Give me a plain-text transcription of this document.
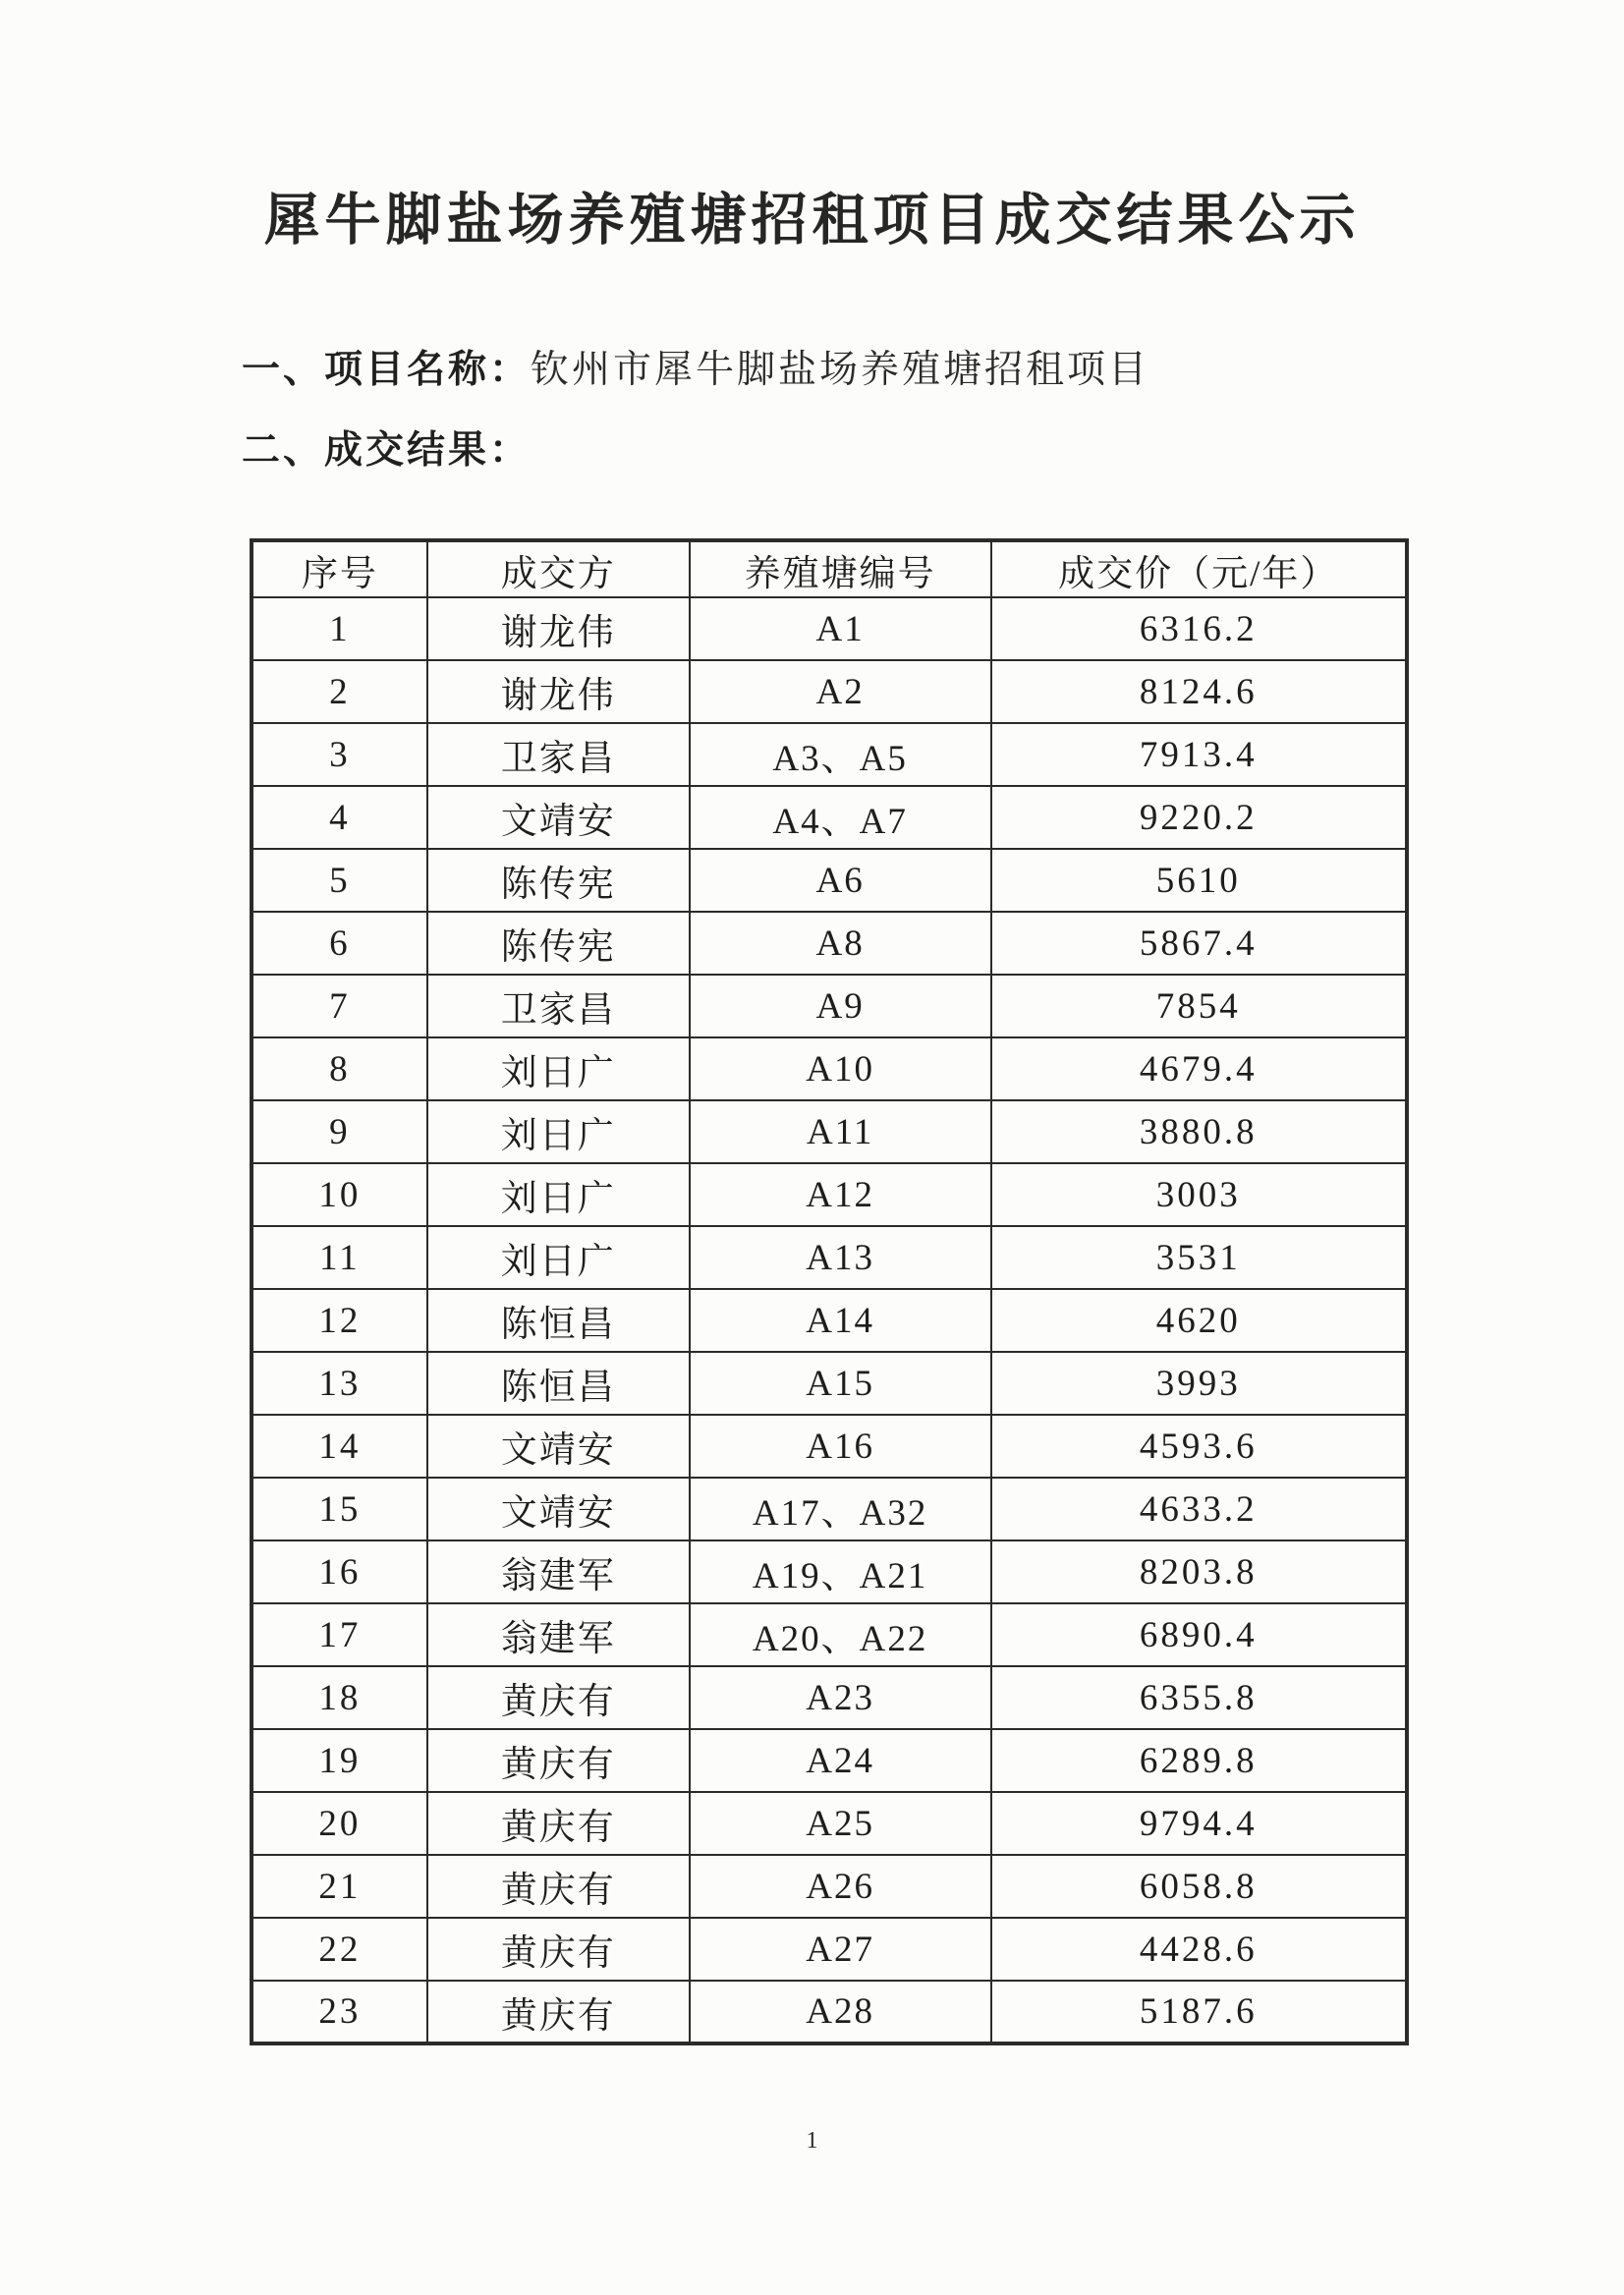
犀牛脚盐场养殖塘招租项目成交结果公示

一、项目名称：钦州市犀牛脚盐场养殖塘招租项目

二、成交结果：

序号	成交方	养殖塘编号	成交价（元/年）
1	谢龙伟	A1	6316.2
2	谢龙伟	A2	8124.6
3	卫家昌	A3、A5	7913.4
4	文靖安	A4、A7	9220.2
5	陈传宪	A6	5610
6	陈传宪	A8	5867.4
7	卫家昌	A9	7854
8	刘日广	A10	4679.4
9	刘日广	A11	3880.8
10	刘日广	A12	3003
11	刘日广	A13	3531
12	陈恒昌	A14	4620
13	陈恒昌	A15	3993
14	文靖安	A16	4593.6
15	文靖安	A17、A32	4633.2
16	翁建军	A19、A21	8203.8
17	翁建军	A20、A22	6890.4
18	黄庆有	A23	6355.8
19	黄庆有	A24	6289.8
20	黄庆有	A25	9794.4
21	黄庆有	A26	6058.8
22	黄庆有	A27	4428.6
23	黄庆有	A28	5187.6
1
